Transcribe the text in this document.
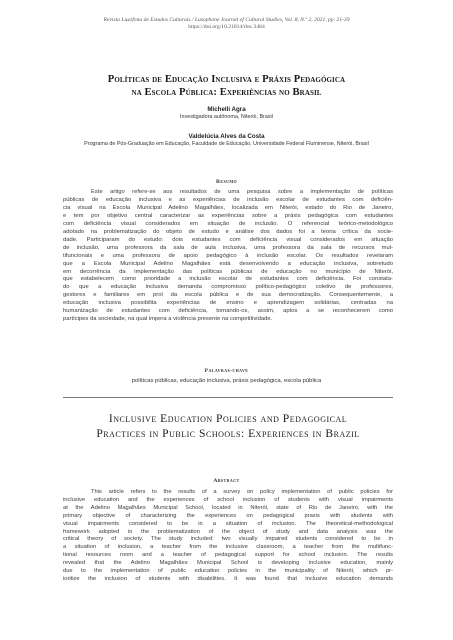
Revista Lusófona de Estudos Culturais / Lusophone Journal of Cultural Studies, Vol. 8, N.º 2, 2021, pp. 21-39
https://doi.org/10.21814/rlec.3484
Políticas de Educação Inclusiva e Práxis Pedagógica
na Escola Pública: Experiências no Brasil
Michelli Agra
Investigadora autônoma, Niterói, Brasil
Valdelúcia Alves da Costa
Programa de Pós-Graduação em Educação, Faculdade de Educação, Universidade Federal Fluminense, Niterói, Brasil
Resumo
Este artigo refere-se aos resultados de uma pesquisa sobre a implementação de políticas
públicas de educação inclusiva e as experiências de inclusão escolar de estudantes com deficiên-
cia visual na Escola Municipal Adelino Magalhães, localizada em Niterói, estado do Rio de Janeiro,
e tem por objetivo central caracterizar as experiências sobre a práxis pedagógica com estudantes
com deficiência visual considerados em situação de inclusão. O referencial teórico-metodológico
adotado na problematização do objeto de estudo e análise dos dados foi a teoria crítica da socie-
dade. Participaram do estudo: dois estudantes com deficiência visual considerados em situação
de inclusão, uma professora da sala de aula inclusiva, uma professora da sala de recursos mul-
tifuncionais e uma professora de apoio pedagógico à inclusão escolar. Os resultados revelaram
que a Escola Municipal Adelino Magalhães está desenvolvendo a educação inclusiva, sobretudo
em decorrência da implementação das políticas públicas de educação no município de Niterói,
que estabelecem como prioridade a inclusão escolar de estudantes com deficiência. Foi constata-
do que a educação inclusiva demanda compromisso político-pedagógico coletivo de professores,
gestores e familiares em prol da escola pública e de sua democratização. Consequentemente, a
educação inclusiva possibilita experiências de ensino e aprendizagem solidárias, centradas na
humanização de estudantes com deficiência, tornando-os, assim, aptos a se reconhecerem como
partícipes da sociedade, na qual impera a violência presente na competitividade.
Palavras-chave
políticas públicas, educação inclusiva, práxis pedagógica, escola pública
Inclusive Education Policies and Pedagogical
Practices in Public Schools: Experiences in Brazil
Abstract
This article refers to the results of a survey on policy implementation of public policies for
inclusive education and the experiences of school inclusion of students with visual impairments
at the Adelino Magalhães Municipal School, located in Niterói, state of Rio de Janeiro, with the
primary objective of characterizing the experiences on pedagogical praxis with students with
visual impairments considered to be in a situation of inclusion. The theoretical-methodological
framework adopted in the problematization of the object of study and data analysis was the
critical theory of society. The study included: two visually impaired students considered to be in
a situation of inclusion, a teacher from the inclusive classroom, a teacher from the multifunc-
tional resources room and a teacher of pedagogical support for school inclusion. The results
revealed that the Adelino Magalhães Municipal School is developing inclusive education, mainly
due to the implementation of public education policies in the municipality of Niterói, which pr-
ioritize the inclusion of students with disabilities. It was found that inclusive education demands
